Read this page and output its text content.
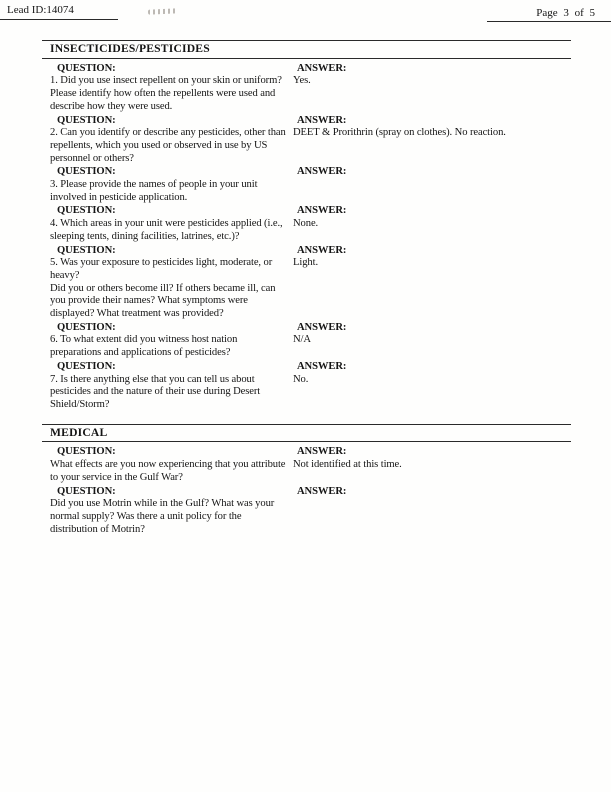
Lead ID:14074	Page 3 of 5
INSECTICIDES/PESTICIDES
QUESTION:
1. Did you use insect repellent on your skin or uniform? Please identify how often the repellents were used and describe how they were used.
ANSWER:
Yes.
QUESTION:
2. Can you identify or describe any pesticides, other than repellents, which you used or observed in use by US personnel or others?
ANSWER:
DEET & Prorithrin (spray on clothes). No reaction.
QUESTION:
3. Please provide the names of people in your unit involved in pesticide application.
ANSWER:
QUESTION:
4. Which areas in your unit were pesticides applied (i.e., sleeping tents, dining facilities, latrines, etc.)?
ANSWER:
None.
QUESTION:
5. Was your exposure to pesticides light, moderate, or heavy?
Did you or others become ill? If others became ill, can you provide their names? What symptoms were displayed? What treatment was provided?
ANSWER:
Light.
QUESTION:
6. To what extent did you witness host nation preparations and applications of pesticides?
ANSWER:
N/A
QUESTION:
7. Is there anything else that you can tell us about pesticides and the nature of their use during Desert Shield/Storm?
ANSWER:
No.
MEDICAL
QUESTION:
What effects are you now experiencing that you attribute to your service in the Gulf War?
ANSWER:
Not identified at this time.
QUESTION:
Did you use Motrin while in the Gulf? What was your normal supply? Was there a unit policy for the distribution of Motrin?
ANSWER:
